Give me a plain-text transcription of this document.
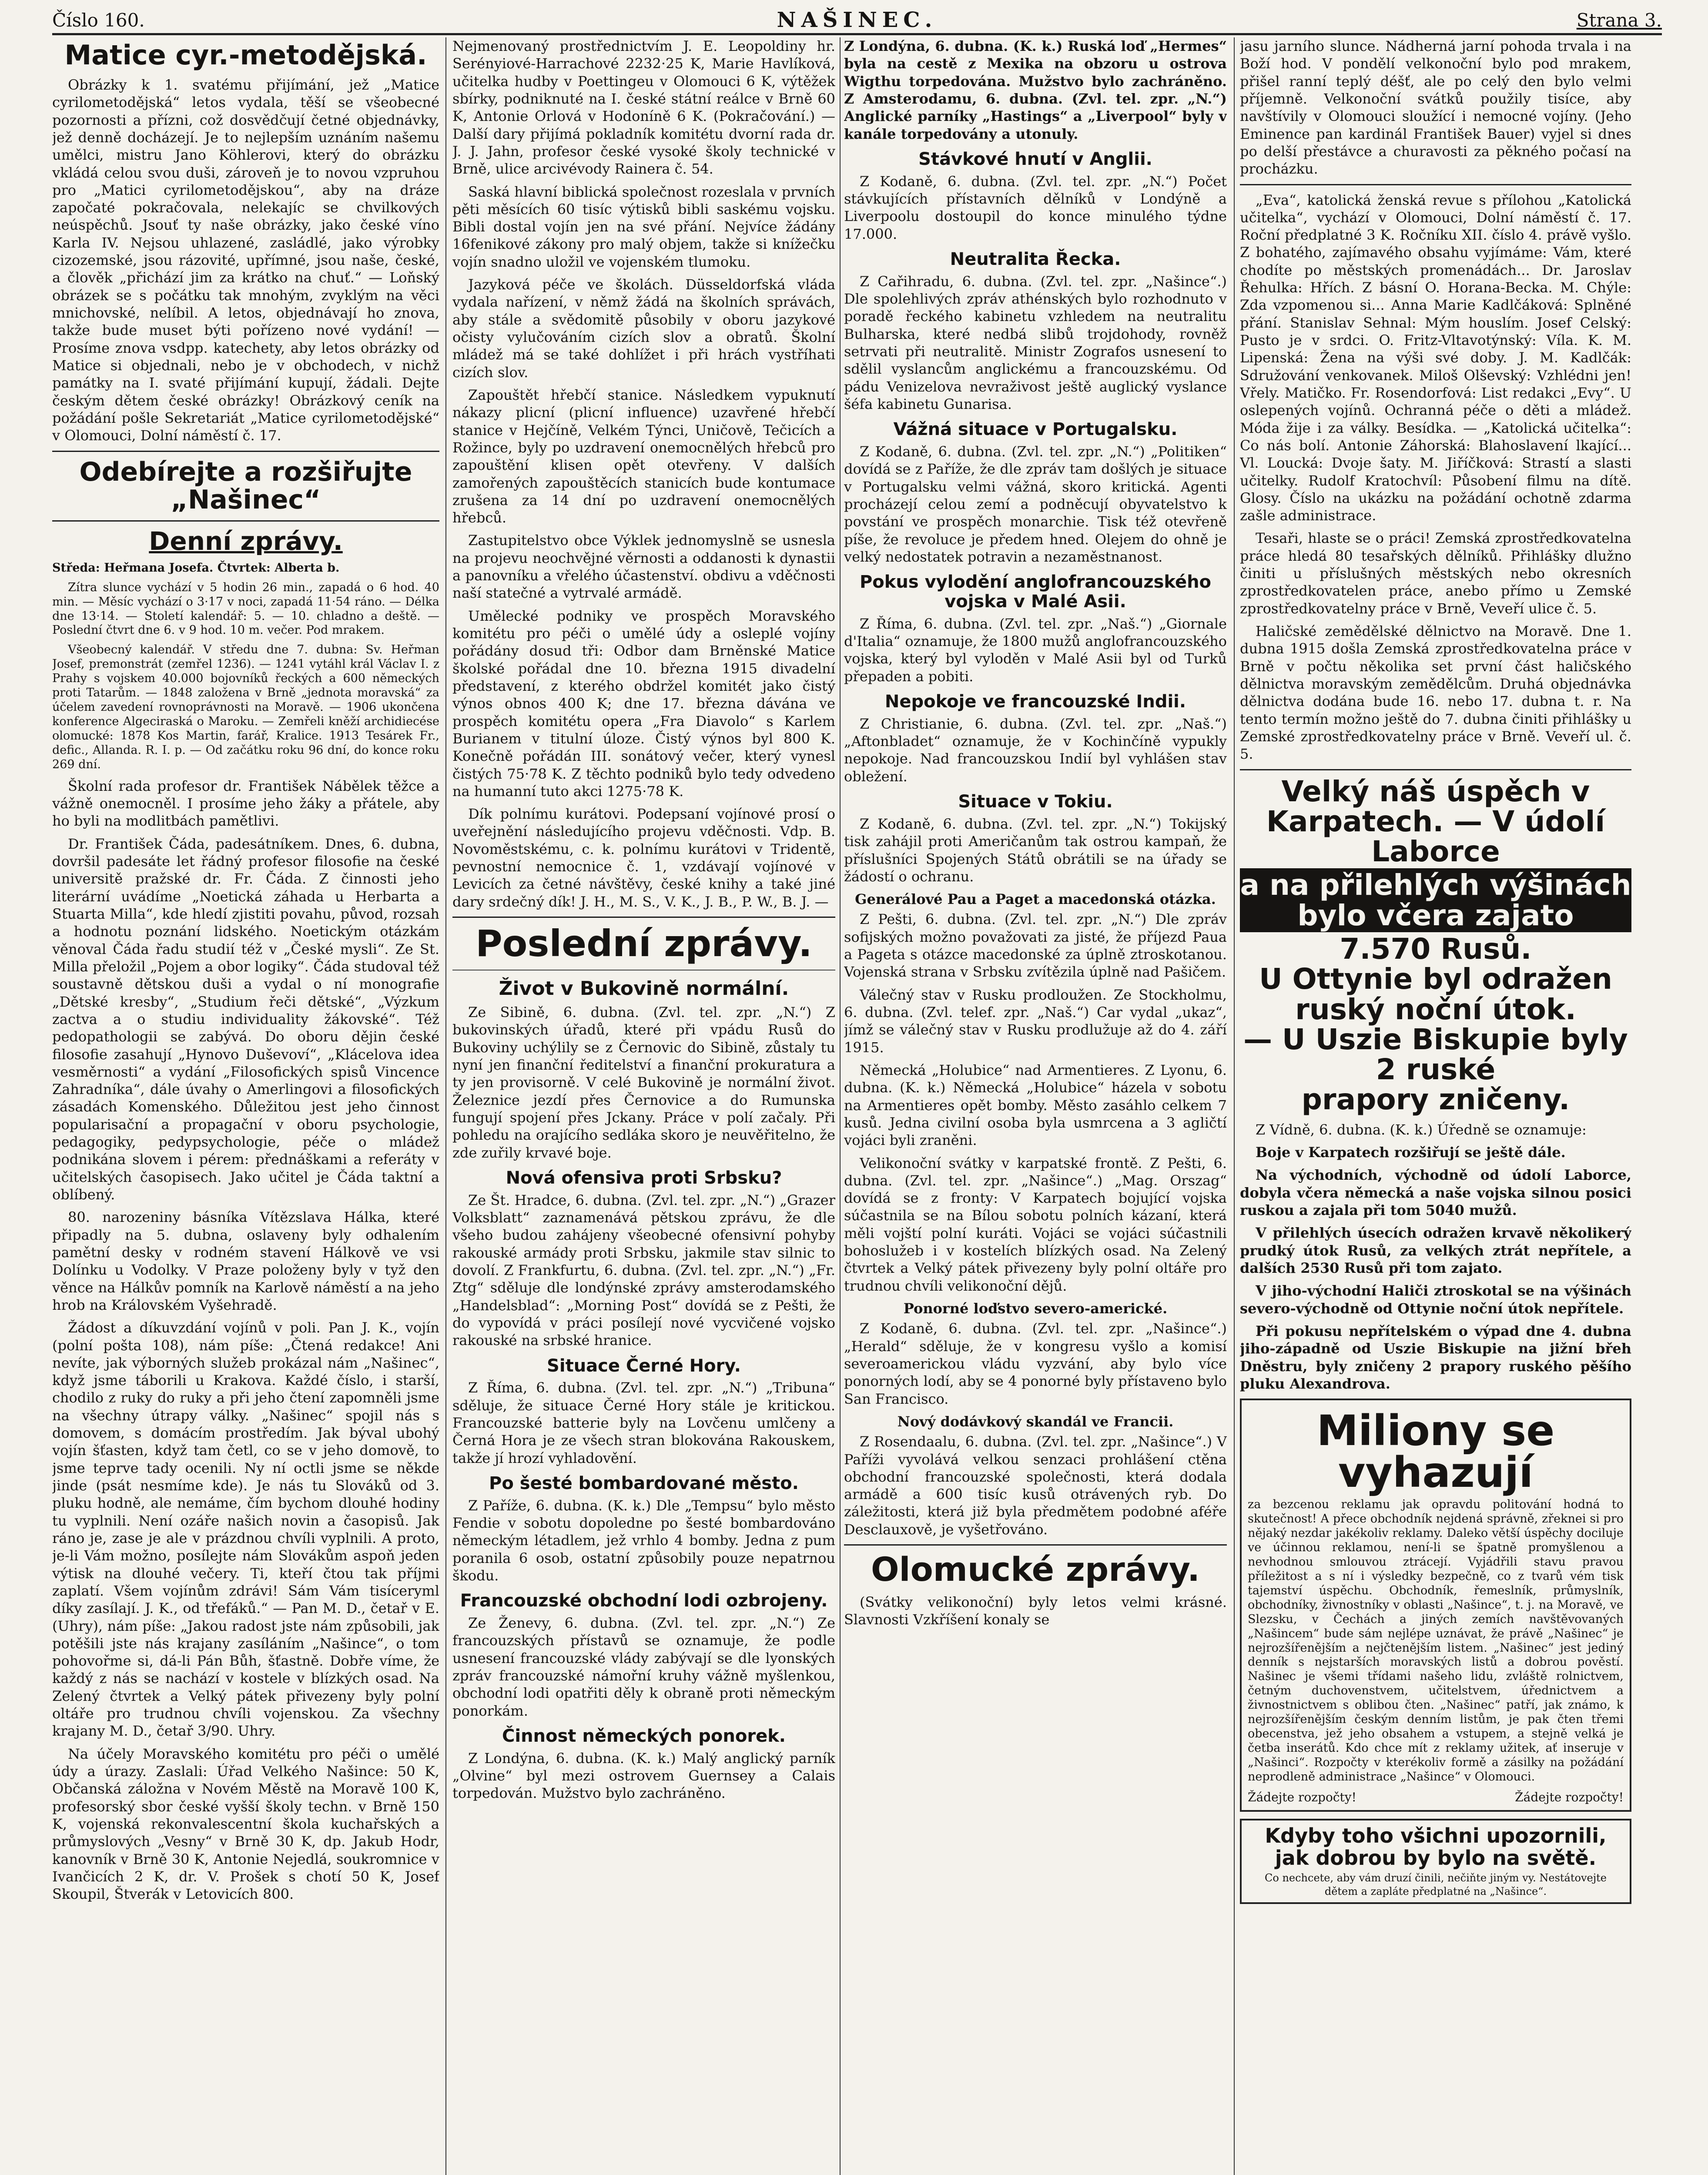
Číslo 160.	NAŠINEC.	Strana 3.
Matice cyr.-metodějská.

Obrázky k 1. svatému přijímání, jež „Matice cyrilometodějská“ letos vydala, těší se všeobecné pozornosti a přízni, což dosvědčují četné objednávky, jež denně docházejí. Je to nejlepším uznáním našemu umělci, mistru Jano Köhlerovi, který do obrázku vkládá celou svou duši, zároveň je to novou vzpruhou pro „Matici cyrilometodějskou“, aby na dráze započaté pokračovala, nelekajíc se chvilkových neúspěchů. Jsouť ty naše obrázky, jako české víno Karla IV. Nejsou uhlazené, zasládlé, jako výrobky cizozemské, jsou rázovité, upřímné, jsou naše, české, a člověk „přichází jim za krátko na chuť.“ — Loňský obrázek se s počátku tak mnohým, zvyklým na věci mnichovské, nelíbil. A letos, objednávají ho znova, takže bude muset býti pořízeno nové vydání! — Prosíme znova vsdpp. katechety, aby letos obrázky od Matice si objednali, nebo je v obchodech, v nichž památky na I. svaté přijímání kupují, žádali. Dejte českým dětem české obrázky! Obrázkový ceník na požádání pošle Sekretariát „Matice cyrilometodějské“ v Olomouci, Dolní náměstí č. 17.

Odebírejte a rozšiřujte „Našinec“
Denní zprávy.

Středa: Heřmana Josefa. Čtvrtek: Alberta b.

Zítra slunce vychází v 5 hodin 26 min., zapadá o 6 hod. 40 min. — Měsíc vychází o 3·17 v noci, zapadá 11·54 ráno. — Délka dne 13·14. — Století kalendář: 5. — 10. chladno a deště. — Poslední čtvrt dne 6. v 9 hod. 10 m. večer. Pod mrakem.

Všeobecný kalendář. V středu dne 7. dubna: Sv. Heřman Josef, premonstrát (zemřel 1236). — 1241 vytáhl král Václav I. z Prahy s vojskem 40.000 bojovníků řeckých a 600 německých proti Tatarům. — 1848 založena v Brně „jednota moravská“ za účelem zavedení rovnoprávnosti na Moravě. — 1906 ukončena konference Algeciraská o Maroku. — Zemřeli kněží archidiecése olomucké: 1878 Kos Martin, farář, Kralice. 1913 Tesárek Fr., defic., Allanda. R. I. p. — Od začátku roku 96 dní, do konce roku 269 dní.

Školní rada profesor dr. František Nábělek těžce a vážně onemocněl. I prosíme jeho žáky a přátele, aby ho byli na modlitbách pamětlivi.

Dr. František Čáda, padesátníkem. Dnes, 6. dubna, dovršil padesáte let řádný profesor filosofie na české universitě pražské dr. Fr. Čáda. Z činnosti jeho literární uvádíme „Noetická záhada u Herbarta a Stuarta Milla“, kde hledí zjistiti povahu, původ, rozsah a hodnotu poznání lidského. Noetickým otázkám věnoval Čáda řadu studií též v „České mysli“. Ze St. Milla přeložil „Pojem a obor logiky“. Čáda studoval též soustavně dětskou duši a vydal o ní monografie „Dětské kresby“, „Studium řeči dětské“, „Výzkum zactva a o studiu individuality žákovské“. Též pedopathologii se zabývá. Do oboru dějin české filosofie zasahují „Hynovo Duševoví“, „Klácelova idea vesměrnosti“ a vydání „Filosofických spisů Vincence Zahradníka“, dále úvahy o Amerlingovi a filosofických zásadách Komenského. Důležitou jest jeho činnost popularisační a propagační v oboru psychologie, pedagogiky, pedypsychologie, péče o mládež podnikána slovem i pérem: přednáškami a referáty v učitelských časopisech. Jako učitel je Čáda taktní a oblíbený.

80. narozeniny básníka Vítězslava Hálka, které připadly na 5. dubna, oslaveny byly odhalením pamětní desky v rodném stavení Hálkově ve vsi Dolínku u Vodolky. V Praze položeny byly v tyž den věnce na Hálkův pomník na Karlově náměstí a na jeho hrob na Královském Vyšehradě.

Žádost a díkuvzdání vojínů v poli. Pan J. K., vojín (polní pošta 108), nám píše: „Čtená redakce! Ani nevíte, jak výborných služeb prokázal nám „Našinec“, když jsme táborili u Krakova. Každé číslo, i starší, chodilo z ruky do ruky a při jeho čtení zapomněli jsme na všechny útrapy války. „Našinec“ spojil nás s domovem, s domácím prostředím. Jak býval ubohý vojín šťasten, když tam četl, co se v jeho domově, to jsme teprve tady ocenili. Ny ní octli jsme se někde jinde (psát nesmíme kde). Je nás tu Slováků od 3. pluku hodně, ale nemáme, čím bychom dlouhé hodiny tu vyplnili. Není ozáře našich novin a časopisů. Jak ráno je, zase je ale v prázdnou chvíli vyplnili. A proto, je-li Vám možno, posílejte nám Slovákům aspoň jeden výtisk na dlouhé večery. Ti, kteří čtou tak příjmi zaplatí. Všem vojínům zdrávi! Sám Vám tisíceryml díky zasílají. J. K., od třefáků.“ — Pan M. D., četař v E. (Uhry), nám píše: „Jakou radost jste nám způsobili, jak potěšili jste nás krajany zasíláním „Našince“, o tom pohovořme si, dá-li Pán Bůh, šťastně. Dobře víme, že každý z nás se nachází v kostele v blízkých osad. Na Zelený čtvrtek a Velký pátek přivezeny byly polní oltáře pro trudnou chvíli vojenskou. Za všechny krajany M. D., četař 3/90. Uhry.

Na účely Moravského komitétu pro péči o umělé údy a úrazy. Zaslali: Úřad Velkého Našince: 50 K, Občanská záložna v Novém Městě na Moravě 100 K, profesorský sbor české vyšší školy techn. v Brně 150 K, vojenská rekonvalescentní škola kuchařských a průmyslových „Vesny“ v Brně 30 K, dp. Jakub Hodr, kanovník v Brně 30 K, Antonie Nejedlá, soukromnice v Ivančicích 2 K, dr. V. Prošek s chotí 50 K, Josef Skoupil, Štverák v Letovicích 800.

Nejmenovaný prostřednictvím J. E. Leopoldiny hr. Serényiové-Harrachové 2232·25 K, Marie Havlíková, učitelka hudby v Poettingeu v Olomouci 6 K, výtěžek sbírky, podniknuté na I. české státní reálce v Brně 60 K, Antonie Orlová v Hodoníně 6 K. (Pokračování.) — Další dary přijímá pokladník komitétu dvorní rada dr. J. J. Jahn, profesor české vysoké školy technické v Brně, ulice arcivévody Rainera č. 54.

Saská hlavní biblická společnost rozeslala v prvních pěti měsících 60 tisíc výtisků bibli saskému vojsku. Bibli dostal vojín jen na své přání. Nejvíce žádány 16fenikové zákony pro malý objem, takže si knížečku vojín snadno uložil ve vojenském tlumoku.

Jazyková péče ve školách. Düsseldorfská vláda vydala nařízení, v němž žádá na školních správách, aby stále a svědomitě působily v oboru jazykové očisty vylučováním cizích slov a obratů. Školní mládež má se také dohlížet i při hrách vystříhati cizích slov.

Zapouštět hřebčí stanice. Následkem vypuknutí nákazy plicní (plicní influence) uzavřené hřebčí stanice v Hejčíně, Velkém Týnci, Uničově, Tečicích a Rožince, byly po uzdravení onemocnělých hřebců pro zapouštění klisen opět otevřeny. V dalších zamořených zapouštěcích stanicích bude kontumace zrušena za 14 dní po uzdravení onemocnělých hřebců.

Zastupitelstvo obce Výklek jednomyslně se usnesla na projevu neochvějné věrnosti a oddanosti k dynastii a panovníku a vřelého účastenství. obdivu a vděčnosti naší statečné a vytrvalé armádě.

Umělecké podniky ve prospěch Moravského komitétu pro péči o umělé údy a osleplé vojíny pořádány dosud tři: Odbor dam Brněnské Matice školské pořádal dne 10. března 1915 divadelní představení, z kterého obdržel komitét jako čistý výnos obnos 400 K; dne 17. března dávána ve prospěch komitétu opera „Fra Diavolo“ s Karlem Burianem v titulní úloze. Čistý výnos byl 800 K. Konečně pořádán III. sonátový večer, který vynesl čistých 75·78 K. Z těchto podniků bylo tedy odvedeno na humanní tuto akci 1275·78 K.

Dík polnímu kurátovi. Podepsaní vojínové prosí o uveřejnění následujícího projevu vděčnosti. Vdp. B. Novoměstskému, c. k. polnímu kurátovi v Tridentě, pevnostní nemocnice č. 1, vzdávají vojínové v Levicích za četné návštěvy, české knihy a také jiné dary srdečný dík! J. H., M. S., V. K., J. B., P. W., B. J. —

Poslední zprávy.
Život v Bukovině normální.

Ze Sibině, 6. dubna. (Zvl. tel. zpr. „N.“) Z bukovinských úřadů, které při vpádu Rusů do Bukoviny uchýlily se z Černovic do Sibině, zůstaly tu nyní jen finanční ředitelství a finanční prokuratura a ty jen provisorně. V celé Bukovině je normální život. Železnice jezdí přes Černovice a do Rumunska fungují spojení přes Jckany. Práce v polí začaly. Při pohledu na orajícího sedláka skoro je neuvěřitelno, že zde zuřily krvavé boje.

Nová ofensiva proti Srbsku?

Ze Št. Hradce, 6. dubna. (Zvl. tel. zpr. „N.“) „Grazer Volksblatt“ zaznamenává pětskou zprávu, že dle všeho budou zahájeny všeobecné ofensivní pohyby rakouské armády proti Srbsku, jakmile stav silnic to dovolí. Z Frankfurtu, 6. dubna. (Zvl. tel. zpr. „N.“) „Fr. Ztg“ sděluje dle londýnské zprávy amsterodamského „Handelsblad“: „Morning Post“ dovídá se z Pešti, že do vypovídá v práci posílejí nové vycvičené vojsko rakouské na srbské hranice.

Situace Černé Hory.

Z Říma, 6. dubna. (Zvl. tel. zpr. „N.“) „Tribuna“ sděluje, že situace Černé Hory stále je kritickou. Francouzské batterie byly na Lovčenu umlčeny a Černá Hora je ze všech stran blokována Rakouskem, takže jí hrozí vyhladovění.

Po šesté bombardované město.

Z Paříže, 6. dubna. (K. k.) Dle „Tempsu“ bylo město Fendie v sobotu dopoledne po šesté bombardováno německým létadlem, jež vrhlo 4 bomby. Jedna z pum poranila 6 osob, ostatní způsobily pouze nepatrnou škodu.

Francouzské obchodní lodi ozbrojeny.

Ze Ženevy, 6. dubna. (Zvl. tel. zpr. „N.“) Ze francouzských přístavů se oznamuje, že podle usnesení francouzské vlády zabývají se dle lyonských zpráv francouzské námořní kruhy vážně myšlenkou, obchodní lodi opatřiti děly k obraně proti německým ponorkám.

Činnost německých ponorek.

Z Londýna, 6. dubna. (K. k.) Malý anglický parník „Olvine“ byl mezi ostrovem Guernsey a Calais torpedován. Mužstvo bylo zachráněno.

Z Londýna, 6. dubna. (K. k.) Ruská loď „Hermes“ byla na cestě z Mexika na obzoru u ostrova Wigthu torpedována. Mužstvo bylo zachráněno. Z Amsterodamu, 6. dubna. (Zvl. tel. zpr. „N.“) Anglické parníky „Hastings“ a „Liverpool“ byly v kanále torpedovány a utonuly.

Stávkové hnutí v Anglii.

Z Kodaně, 6. dubna. (Zvl. tel. zpr. „N.“) Počet stávkujících přístavních dělníků v Londýně a Liverpoolu dostoupil do konce minulého týdne 17.000.

Neutralita Řecka.

Z Cařihradu, 6. dubna. (Zvl. tel. zpr. „Našince“.) Dle spolehlivých zpráv athénských bylo rozhodnuto v poradě řeckého kabinetu vzhledem na neutralitu Bulharska, které nedbá slibů trojdohody, rovněž setrvati při neutralitě. Ministr Zografos usnesení to sdělil vyslancům anglickému a francouzskému. Od pádu Venizelova nevraživost ještě auglický vyslance šéfa kabinetu Gunarisa.

Vážná situace v Portugalsku.

Z Kodaně, 6. dubna. (Zvl. tel. zpr. „N.“) „Politiken“ dovídá se z Paříže, že dle zpráv tam došlých je situace v Portugalsku velmi vážná, skoro kritická. Agenti procházejí celou zemí a podněcují obyvatelstvo k povstání ve prospěch monarchie. Tisk též otevřeně píše, že revoluce je předem hned. Olejem do ohně je velký nedostatek potravin a nezaměstnanost.

Pokus vylodění anglofrancouzského vojska v Malé Asii.

Z Říma, 6. dubna. (Zvl. tel. zpr. „Naš.“) „Giornale d'Italia“ oznamuje, že 1800 mužů anglofrancouzského vojska, který byl vyloděn v Malé Asii byl od Turků přepaden a pobiti.

Nepokoje ve francouzské Indii.

Z Christianie, 6. dubna. (Zvl. tel. zpr. „Naš.“) „Aftonbladet“ oznamuje, že v Kochinčíně vypukly nepokoje. Nad francouzskou Indií byl vyhlášen stav obležení.

Situace v Tokiu.

Z Kodaně, 6. dubna. (Zvl. tel. zpr. „N.“) Tokijský tisk zahájil proti Američanům tak ostrou kampaň, že příslušníci Spojených Států obrátili se na úřady se žádostí o ochranu.

Generálové Pau a Paget a macedonská otázka.

Z Pešti, 6. dubna. (Zvl. tel. zpr. „N.“) Dle zpráv sofijských možno považovati za jisté, že příjezd Paua a Pageta s otázce macedonské za úplně ztroskotanou. Vojenská strana v Srbsku zvítězila úplně nad Pašičem.

Válečný stav v Rusku prodloužen. Ze Stockholmu, 6. dubna. (Zvl. telef. zpr. „Naš.“) Car vydal „ukaz“, jímž se válečný stav v Rusku prodlužuje až do 4. září 1915.

Německá „Holubice“ nad Armentieres. Z Lyonu, 6. dubna. (K. k.) Německá „Holubice“ házela v sobotu na Armentieres opět bomby. Město zasáhlo celkem 7 kusů. Jedna civilní osoba byla usmrcena a 3 agličtí vojáci byli zraněni.

Velikonoční svátky v karpatské frontě. Z Pešti, 6. dubna. (Zvl. tel. zpr. „Našince“.) „Mag. Orszag“ dovídá se z fronty: V Karpatech bojující vojska súčastnila se na Bílou sobotu polních kázaní, která měli vojští polní kuráti. Vojáci se vojáci súčastnili bohoslužeb i v kostelích blízkých osad. Na Zelený čtvrtek a Velký pátek přivezeny byly polní oltáře pro trudnou chvíli velikonoční dějů.

Ponorné loďstvo severo-americké.

Z Kodaně, 6. dubna. (Zvl. tel. zpr. „Našince“.) „Herald“ sděluje, že v kongresu vyšlo a komisí severoamerickou vládu vyzvání, aby bylo více ponorných lodí, aby se 4 ponorné byly přístaveno bylo San Francisco.

Nový dodávkový skandál ve Francii.

Z Rosendaalu, 6. dubna. (Zvl. tel. zpr. „Našince“.) V Paříži vyvolává velkou senzaci prohlášení ctěna obchodní francouzské společnosti, která dodala armádě a 600 tisíc kusů otrávených ryb. Do záležitosti, která již byla předmětem podobné aféře Desclauxově, je vyšetřováno.

Olomucké zprávy.

(Svátky velikonoční) byly letos velmi krásné. Slavnosti Vzkříšení konaly se

jasu jarního slunce. Nádherná jarní pohoda trvala i na Boží hod. V pondělí velkonoční bylo pod mrakem, přišel ranní teplý déšť, ale po celý den bylo velmi příjemně. Velkonoční svátků použily tisíce, aby navštívily v Olomouci sloužící i nemocné vojíny. (Jeho Eminence pan kardinál František Bauer) vyjel si dnes po delší přestávce a churavosti za pěkného počasí na procházku.

„Eva“, katolická ženská revue s přílohou „Katolická učitelka“, vychází v Olomouci, Dolní náměstí č. 17. Roční předplatné 3 K. Ročníku XII. číslo 4. právě vyšlo. Z bohatého, zajímavého obsahu vyjímáme: Vám, které chodíte po městských promenádách... Dr. Jaroslav Řehulka: Hřích. Z básní O. Horana-Becka. M. Chýle: Zda vzpomenou si... Anna Marie Kadlčáková: Splněné přání. Stanislav Sehnal: Mým houslím. Josef Celský: Pusto je v srdci. O. Fritz-Vltavotýnský: Víla. K. M. Lipenská: Žena na výši své doby. J. M. Kadlčák: Sdružování venkovanek. Miloš Olševský: Vzhlédni jen! Vřely. Matičko. Fr. Rosendorfová: List redakci „Evy“. U oslepených vojínů. Ochranná péče o děti a mládež. Móda žije i za války. Besídka. — „Katolická učitelka“: Co nás bolí. Antonie Záhorská: Blahoslavení lkající... Vl. Loucká: Dvoje šaty. M. Jiříčková: Strastí a slasti učitelky. Rudolf Kratochvíl: Působení filmu na dítě. Glosy. Číslo na ukázku na požádání ochotně zdarma zašle administrace.

Tesaři, hlaste se o práci! Zemská zprostředkovatelna práce hledá 80 tesařských dělníků. Přihlášky dlužno činiti u příslušných městských nebo okresních zprostředkovatelen práce, anebo přímo u Zemské zprostředkovatelny práce v Brně, Veveří ulice č. 5.

Haličské zemědělské dělnictvo na Moravě. Dne 1. dubna 1915 došla Zemská zprostředkovatelna práce v Brně v počtu několika set první část haličského dělnictva moravským zemědělcům. Druhá objednávka dělnictva dodána bude 16. nebo 17. dubna t. r. Na tento termín možno ještě do 7. dubna činiti přihlášky u Zemské zprostředkovatelny práce v Brně. Veveří ul. č. 5.

Velký náš úspěch v Karpatech. — V údolí Laborce
a na přilehlých výšinách bylo včera zajato
7.570 Rusů.
U Ottynie byl odražen ruský noční útok.
— U Uszie Biskupie byly 2 ruské
prapory zničeny.

Z Vídně, 6. dubna. (K. k.) Úředně se oznamuje:

Boje v Karpatech rozšiřují se ještě dále.

Na východních, východně od údolí Laborce, dobyla včera německá a naše vojska silnou posici ruskou a zajala při tom 5040 mužů.

V přilehlých úsecích odražen krvavě několikerý prudký útok Rusů, za velkých ztrát nepřítele, a dalších 2530 Rusů při tom zajato.

V jiho-východní Haliči ztroskotal se na výšinách severo-východně od Ottynie noční útok nepřítele.

Při pokusu nepřítelském o výpad dne 4. dubna jiho-západně od Uszie Biskupie na jižní břeh Dněstru, byly zničeny 2 prapory ruského pěšího pluku Alexandrova.

Miliony se vyhazují

za bezcenou reklamu jak opravdu politování hodná to skutečnost! A přece obchodník nejdená správně, zřeknei si pro nějaký nezdar jakékoliv reklamy. Daleko větší úspěchy dociluje ve účinnou reklamou, není-li se špatně promyšlenou a nevhodnou smlouvou ztrácejí. Vyjádřili stavu pravou příležitost a s ní i výsledky bezpečně, co z tvarů vém tisk tajemství úspěchu. Obchodník, řemeslník, průmyslník, obchodníky, živnostníky v oblasti „Našince“, t. j. na Moravě, ve Slezsku, v Čechách a jiných zemích navštěvovaných „Našincem“ bude sám nejlépe uznávat, že právě „Našinec“ je nejrozšířenějším a nejčtenějším listem. „Našinec“ jest jediný denník s nejstarších moravských listů a dobrou pověstí. Našinec je všemi třídami našeho lidu, zvláště rolnictvem, četným duchovenstvem, učitelstvem, úřednictvem a živnostnictvem s oblibou čten. „Našinec“ patří, jak známo, k nejrozšířenějším českým denním listům, je pak čten třemi obecenstva, jež jeho obsahem a vstupem, a stejně velká je četba inserátů. Kdo chce mít z reklamy užitek, ať inseruje v „Našinci“. Rozpočty v kterékoliv formě a zásilky na požádání neprodleně administrace „Našince“ v Olomouci.

Žádejte rozpočty!	Žádejte rozpočty!
Kdyby toho všichni upozornili, jak dobrou by bylo na světě.
Co nechcete, aby vám druzí činili, nečiňte jiným vy. Nestátovejte dětem a zapláte předplatné na „Našince“.
